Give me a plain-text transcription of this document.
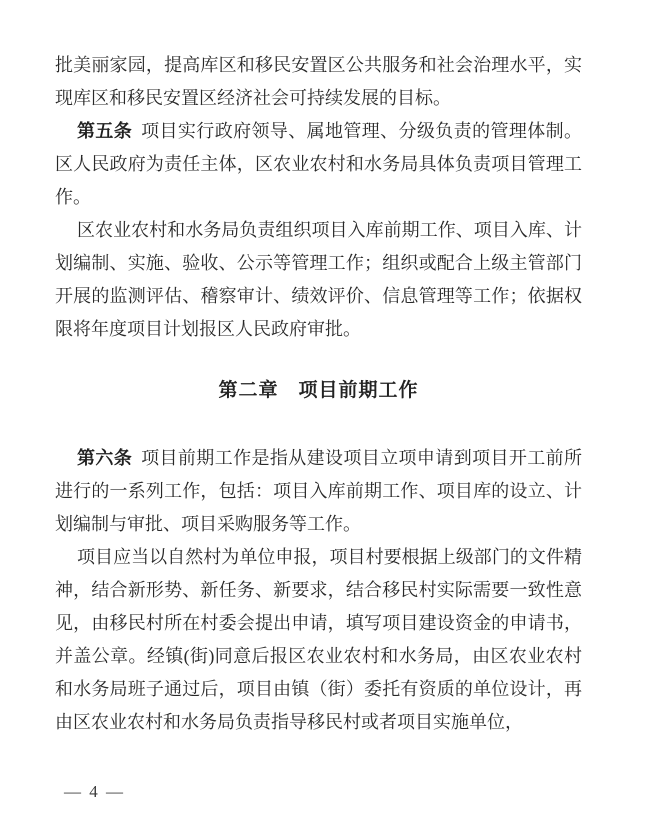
批美丽家园，提高库区和移民安置区公共服务和社会治理水平，实现库区和移民安置区经济社会可持续发展的目标。

第五条 项目实行政府领导、属地管理、分级负责的管理体制。区人民政府为责任主体，区农业农村和水务局具体负责项目管理工作。

区农业农村和水务局负责组织项目入库前期工作、项目入库、计划编制、实施、验收、公示等管理工作；组织或配合上级主管部门开展的监测评估、稽察审计、绩效评价、信息管理等工作；依据权限将年度项目计划报区人民政府审批。

第二章　项目前期工作

第六条 项目前期工作是指从建设项目立项申请到项目开工前所进行的一系列工作，包括：项目入库前期工作、项目库的设立、计划编制与审批、项目采购服务等工作。

项目应当以自然村为单位申报，项目村要根据上级部门的文件精神，结合新形势、新任务、新要求，结合移民村实际需要一致性意见，由移民村所在村委会提出申请，填写项目建设资金的申请书，并盖公章。经镇(街)同意后报区农业农村和水务局，由区农业农村和水务局班子通过后，项目由镇（街）委托有资质的单位设计，再由区农业农村和水务局负责指导移民村或者项目实施单位，

— 4 —
